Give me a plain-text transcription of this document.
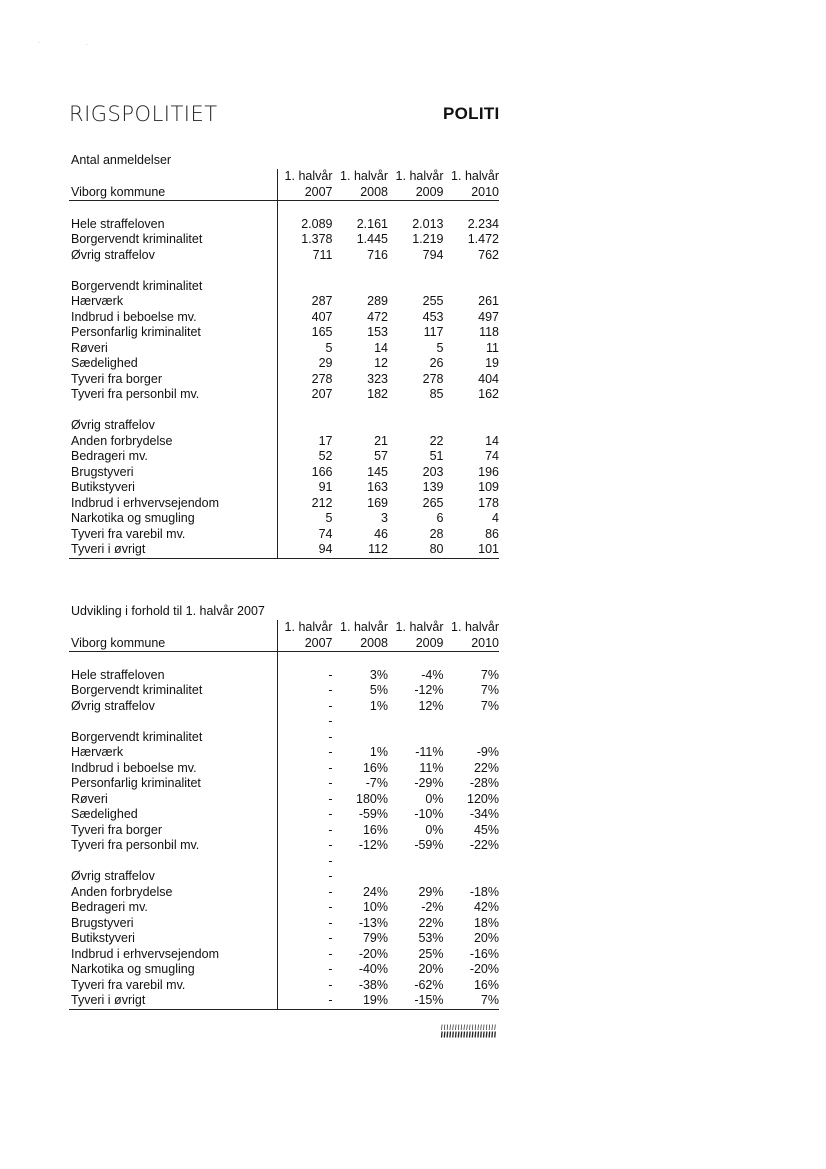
·	·
RIGSPOLITIET	POLITI
Antal anmeldelser
	1. halvår	1. halvår	1. halvår	1. halvår
Viborg kommune	2007	2008	2009	2010

Hele straffeloven	2.089	2.161	2.013	2.234
Borgervendt kriminalitet	1.378	1.445	1.219	1.472
Øvrig straffelov	711	716	794	762

Borgervendt kriminalitet				
Hærværk	287	289	255	261
Indbrud i beboelse mv.	407	472	453	497
Personfarlig kriminalitet	165	153	117	118
Røveri	5	14	5	11
Sædelighed	29	12	26	19
Tyveri fra borger	278	323	278	404
Tyveri fra personbil mv.	207	182	85	162

Øvrig straffelov				
Anden forbrydelse	17	21	22	14
Bedrageri mv.	52	57	51	74
Brugstyveri	166	145	203	196
Butikstyveri	91	163	139	109
Indbrud i erhvervsejendom	212	169	265	178
Narkotika og smugling	5	3	6	4
Tyveri fra varebil mv.	74	46	28	86
Tyveri i øvrigt	94	112	80	101
Udvikling i forhold til 1. halvår 2007
	1. halvår	1. halvår	1. halvår	1. halvår
Viborg kommune	2007	2008	2009	2010

Hele straffeloven	-	3%	-4%	7%
Borgervendt kriminalitet	-	5%	-12%	7%
Øvrig straffelov	-	1%	12%	7%
	-			
Borgervendt kriminalitet	-			
Hærværk	-	1%	-11%	-9%
Indbrud i beboelse mv.	-	16%	11%	22%
Personfarlig kriminalitet	-	-7%	-29%	-28%
Røveri	-	180%	0%	120%
Sædelighed	-	-59%	-10%	-34%
Tyveri fra borger	-	16%	0%	45%
Tyveri fra personbil mv.	-	-12%	-59%	-22%
	-			
Øvrig straffelov	-			
Anden forbrydelse	-	24%	29%	-18%
Bedrageri mv.	-	10%	-2%	42%
Brugstyveri	-	-13%	22%	18%
Butikstyveri	-	79%	53%	20%
Indbrud i erhvervsejendom	-	-20%	25%	-16%
Narkotika og smugling	-	-40%	20%	-20%
Tyveri fra varebil mv.	-	-38%	-62%	16%
Tyveri i øvrigt	-	19%	-15%	7%
